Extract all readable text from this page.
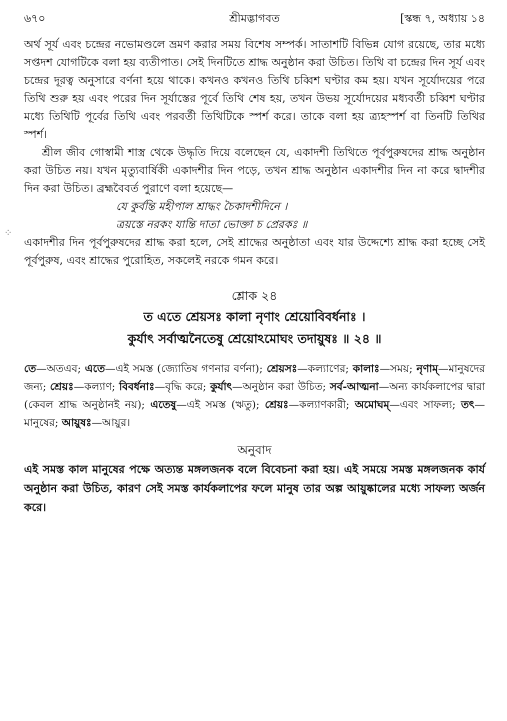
⁘
৬৭০	শ্রীমদ্ভাগবত	[স্কন্ধ ৭, অধ্যায় ১৪

অর্থ সূর্য এবং চন্দ্রের নভোমণ্ডলে ভ্রমণ করার সময় বিশেষ সম্পর্ক। সাতাশটি বিভিন্ন যোগ রয়েছে, তার মধ্যে সপ্তদশ যোগটিকে বলা হয় ব্যতীপাত। সেই দিনটিতে শ্রাদ্ধ অনুষ্ঠান করা উচিত। তিথি বা চন্দ্রের দিন সূর্য এবং চন্দ্রের দূরত্ব অনুসারে বর্ণনা হয়ে থাকে। কখনও কখনও তিথি চব্বিশ ঘণ্টার কম হয়। যখন সূর্যোদয়ের পরে তিথি শুরু হয় এবং পরের দিন সূর্যাস্তের পূর্বে তিথি শেষ হয়, তখন উভয় সূর্যোদয়ের মধ্যবর্তী চব্বিশ ঘণ্টার মধ্যে তিথিটি পূর্বের তিথি এবং পরবর্তী তিথিটিকে স্পর্শ করে। তাকে বলা হয় ত্র্যহস্পর্শ বা তিনটি তিথির স্পর্শ।

শ্রীল জীব গোস্বামী শাস্ত্র থেকে উদ্ধৃতি দিয়ে বলেছেন যে, একাদশী তিথিতে পূর্বপুরুষদের শ্রাদ্ধ অনুষ্ঠান করা উচিত নয়। যখন মৃত্যুবার্ষিকী একাদশীর দিন পড়ে, তখন শ্রাদ্ধ অনুষ্ঠান একাদশীর দিন না করে দ্বাদশীর দিন করা উচিত। ব্রহ্মবৈবর্ত পুরাণে বলা হয়েছে—

যে কুর্বন্তি মহীপাল শ্রাদ্ধং চৈকাদশীদিনে ।
ত্রয়স্তে নরকং যান্তি দাতা ভোক্তা চ প্রেরকঃ ॥

একাদশীর দিন পূর্বপুরুষদের শ্রাদ্ধ করা হলে, সেই শ্রাদ্ধের অনুষ্ঠাতা এবং যার উদ্দেশ্যে শ্রাদ্ধ করা হচ্ছে সেই পূর্বপুরুষ, এবং শ্রাদ্ধের পুরোহিত, সকলেই নরকে গমন করে।

শ্লোক ২৪
ত এতে শ্রেয়সঃ কালা নৃণাং শ্রেয়োবিবর্ধনাঃ ।
কুর্যাৎ সর্বাত্মনৈতেষু শ্রেয়োঽমোঘং তদায়ুষঃ ॥ ২৪ ॥
তে—অতএব; এতে—এই সমস্ত (জ্যোতিষ গণনার বর্ণনা); শ্রেয়সঃ—কল্যাণের; কালাঃ—সময়; নৃণাম্—মানুষদের জন্য; শ্রেয়ঃ—কল্যাণ; বিবর্ধনাঃ—বৃদ্ধি করে; কুর্যাৎ—অনুষ্ঠান করা উচিত; সর্ব-আত্মনা—অন্য কার্যকলাপের দ্বারা (কেবল শ্রাদ্ধ অনুষ্ঠানই নয়); এতেষু—এই সমস্ত (ঋতু); শ্রেয়ঃ—কল্যাণকারী; অমোঘম্—এবং সাফল্য; তৎ—মানুষের; আয়ুষঃ—আয়ুর।
অনুবাদ

এই সমস্ত কাল মানুষের পক্ষে অত্যন্ত মঙ্গলজনক বলে বিবেচনা করা হয়। এই সময়ে সমস্ত মঙ্গলজনক কার্য অনুষ্ঠান করা উচিত, কারণ সেই সমস্ত কার্যকলাপের ফলে মানুষ তার অল্প আয়ুষ্কালের মধ্যে সাফল্য অর্জন করে।
